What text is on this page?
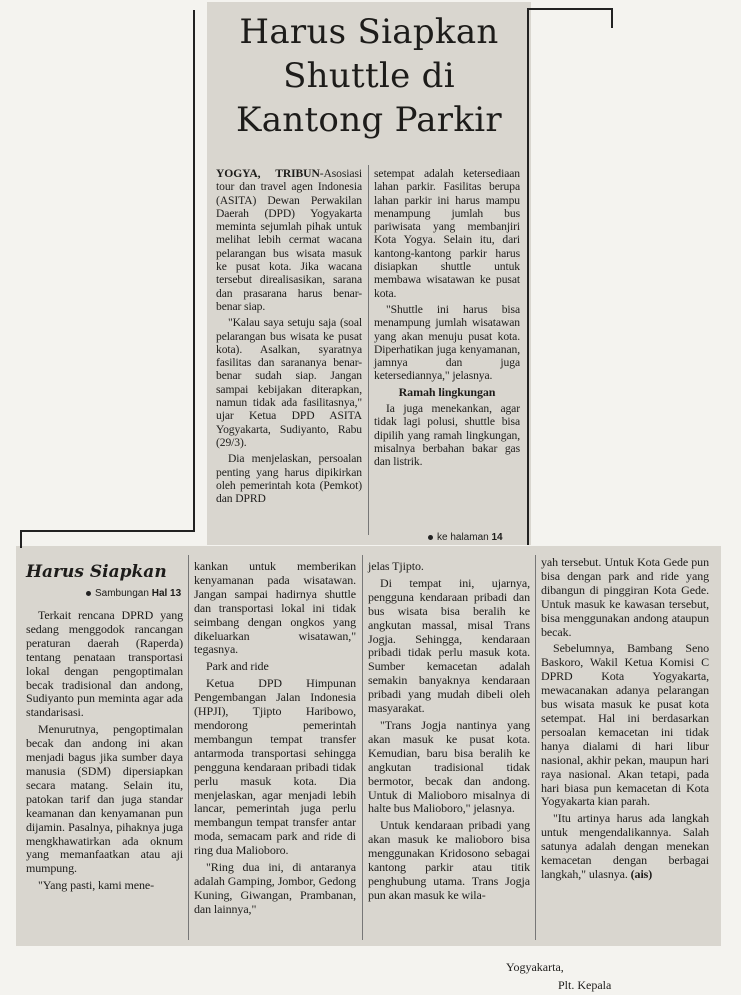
Harus Siapkan
Shuttle di
Kantong Parkir

YOGYA, TRIBUN-Asosiasi tour dan travel agen Indonesia (ASITA) Dewan Perwakilan Daerah (DPD) Yogyakarta meminta sejumlah pihak untuk melihat lebih cermat wacana pelarangan bus wisata masuk ke pusat kota. Jika wacana tersebut direalisasikan, sarana dan prasarana harus benar-benar siap.

"Kalau saya setuju saja (soal pelarangan bus wisata ke pusat kota). Asalkan, syaratnya fasilitas dan sarananya benar-benar sudah siap. Jangan sampai kebijakan diterapkan, namun tidak ada fasilitasnya," ujar Ketua DPD ASITA Yogyakarta, Sudiyanto, Rabu (29/3).

Dia menjelaskan, persoalan penting yang harus dipikirkan oleh pemerintah kota (Pemkot) dan DPRD

setempat adalah ketersediaan lahan parkir. Fasilitas berupa lahan parkir ini harus mampu menampung jumlah bus pariwisata yang membanjiri Kota Yogya. Selain itu, dari kantong-kantong parkir harus disiapkan shuttle untuk membawa wisatawan ke pusat kota.

"Shuttle ini harus bisa menampung jumlah wisatawan yang akan menuju pusat kota. Diperhatikan juga kenyamanan, jamnya dan juga ketersediannya," jelasnya.

Ramah lingkungan

Ia juga menekankan, agar tidak lagi polusi, shuttle bisa dipilih yang ramah lingkungan, misalnya berbahan bakar gas dan listrik.

ke halaman 14
Harus Siapkan
Sambungan Hal 13

Terkait rencana DPRD yang sedang menggodok rancangan peraturan daerah (Raperda) tentang penataan transportasi lokal dengan pengoptimalan becak tradisional dan andong, Sudiyanto pun meminta agar ada standarisasi.

Menurutnya, pengoptimalan becak dan andong ini akan menjadi bagus jika sumber daya manusia (SDM) dipersiapkan secara matang. Selain itu, patokan tarif dan juga standar keamanan dan kenyamanan pun dijamin. Pasalnya, pihaknya juga mengkhawatirkan ada oknum yang memanfaatkan atau aji mumpung.

"Yang pasti, kami mene-

kankan untuk memberikan kenyamanan pada wisatawan. Jangan sampai hadirnya shuttle dan transportasi lokal ini tidak seimbang dengan ongkos yang dikeluarkan wisatawan," tegasnya.

Park and ride

Ketua DPD Himpunan Pengembangan Jalan Indonesia (HPJI), Tjipto Haribowo, mendorong pemerintah membangun tempat transfer antarmoda transportasi sehingga pengguna kendaraan pribadi tidak perlu masuk kota. Dia menjelaskan, agar menjadi lebih lancar, pemerintah juga perlu membangun tempat transfer antar moda, semacam park and ride di ring dua Malioboro.

"Ring dua ini, di antaranya adalah Gamping, Jombor, Gedong Kuning, Giwangan, Prambanan, dan lainnya,"

jelas Tjipto.

Di tempat ini, ujarnya, pengguna kendaraan pribadi dan bus wisata bisa beralih ke angkutan massal, misal Trans Jogja. Sehingga, kendaraan pribadi tidak perlu masuk kota. Sumber kemacetan adalah semakin banyaknya kendaraan pribadi yang mudah dibeli oleh masyarakat.

"Trans Jogja nantinya yang akan masuk ke pusat kota. Kemudian, baru bisa beralih ke angkutan tradisional tidak bermotor, becak dan andong. Untuk di Malioboro misalnya di halte bus Malioboro," jelasnya.

Untuk kendaraan pribadi yang akan masuk ke malioboro bisa menggunakan Kridosono sebagai kantong parkir atau titik penghubung utama. Trans Jogja pun akan masuk ke wila-

yah tersebut. Untuk Kota Gede pun bisa dengan park and ride yang dibangun di pinggiran Kota Gede. Untuk masuk ke kawasan tersebut, bisa menggunakan andong ataupun becak.

Sebelumnya, Bambang Seno Baskoro, Wakil Ketua Komisi C DPRD Kota Yogyakarta, mewacanakan adanya pelarangan bus wisata masuk ke pusat kota setempat. Hal ini berdasarkan persoalan kemacetan ini tidak hanya dialami di hari libur nasional, akhir pekan, maupun hari raya nasional. Akan tetapi, pada hari biasa pun kemacetan di Kota Yogyakarta kian parah.

"Itu artinya harus ada langkah untuk mengendalikannya. Salah satunya adalah dengan menekan kemacetan dengan berbagai langkah," ulasnya. (ais)

Yogyakarta,
Plt. Kepala
